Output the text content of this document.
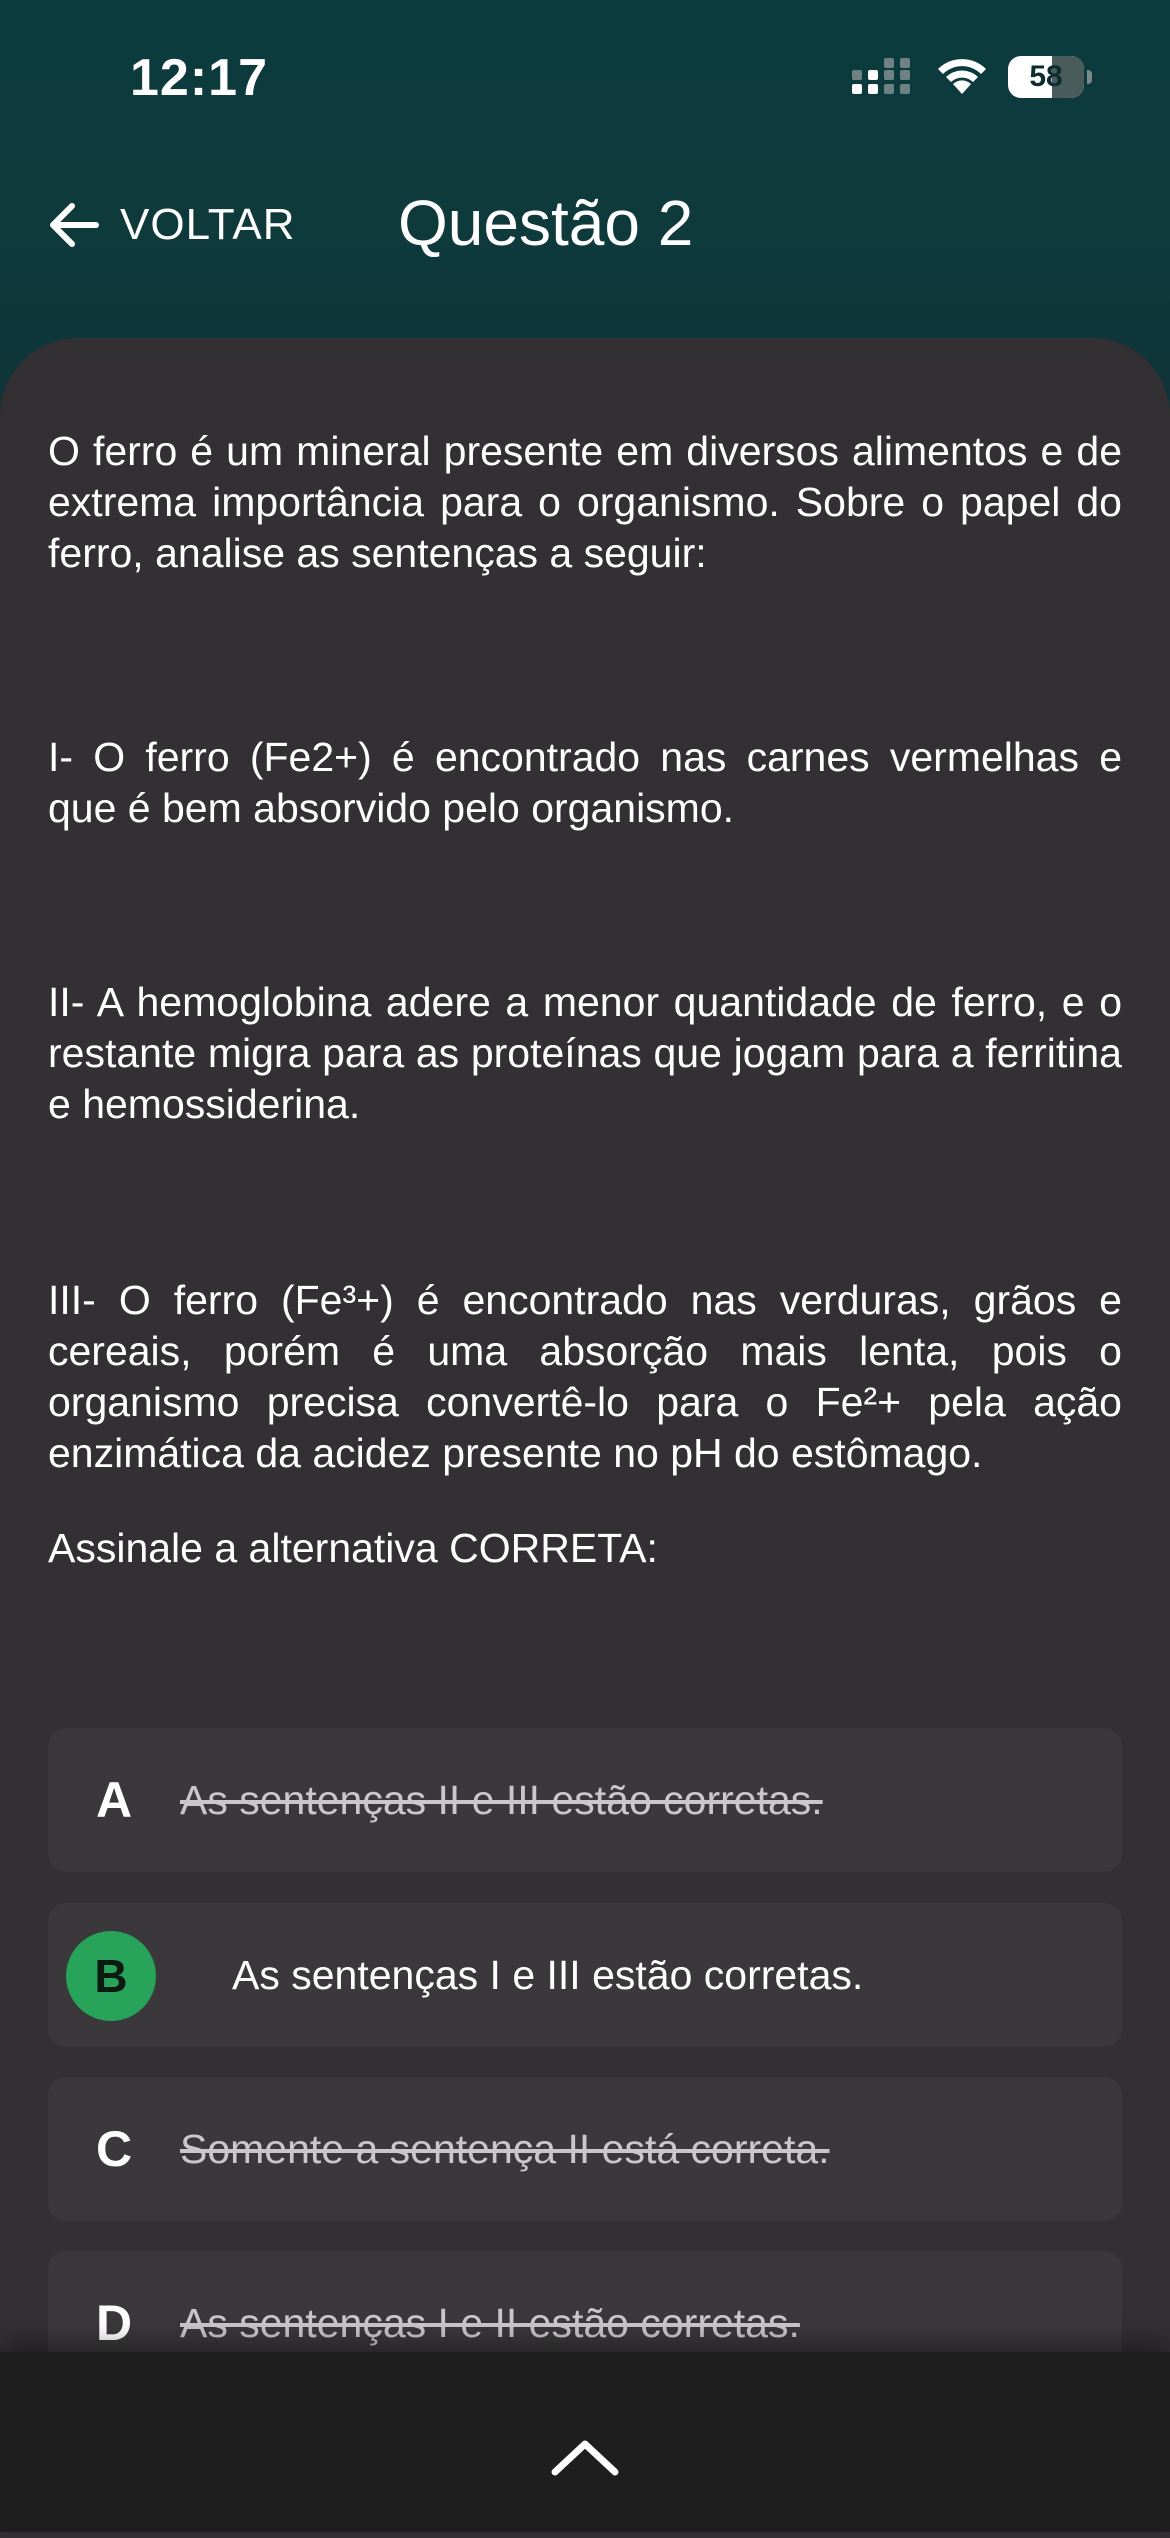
12:17	58
VOLTAR Questão 2

O ferro é um mineral presente em diversos alimentos e de extrema importância para o organismo. Sobre o papel do ferro, analise as sentenças a seguir:

I- O ferro (Fe2+) é encontrado nas carnes vermelhas e que é bem absorvido pelo organismo.

II- A hemoglobina adere a menor quantidade de ferro, e o restante migra para as proteínas que jogam para a ferritina e hemossiderina.

III- O ferro (Fe³+) é encontrado nas verduras, grãos e cereais, porém é uma absorção mais lenta, pois o organismo precisa convertê-lo para o Fe²+ pela ação enzimática da acidez presente no pH do estômago.

Assinale a alternativa CORRETA:

A As sentenças II e III estão corretas.
B	As sentenças I e III estão corretas.
C Somente a sentença II está correta.
D As sentenças I e II estão corretas.
